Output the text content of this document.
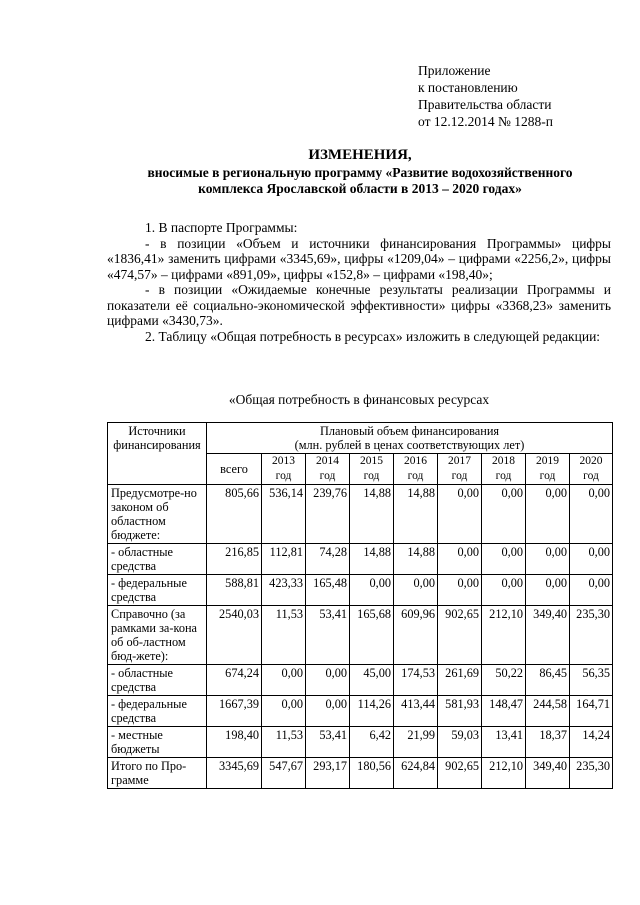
Приложение
к постановлению
Правительства области
от 12.12.2014 № 1288-п
ИЗМЕНЕНИЯ,
вносимые в региональную программу «Развитие водохозяйственного
комплекса Ярославской области в 2013 – 2020 годах»

1. В паспорте Программы:

- в позиции «Объем и источники финансирования Программы» цифры «1836,41» заменить цифрами «3345,69», цифры «1209,04» – цифрами «2256,2», цифры «474,57» – цифрами «891,09», цифры «152,8» – цифрами «198,40»;

- в позиции «Ожидаемые конечные результаты реализации Программы и показатели её социально-экономической эффективности» цифры «3368,23» заменить цифрами «3430,73».

2. Таблицу «Общая потребность в ресурсах» изложить в следующей редакции:

«Общая потребность в финансовых ресурсах
Источники финансирования	Плановый объем финансирования
(млн. рублей в ценах соответствующих лет)								

	всего	2013	2014	2015	2016	2017	2018	2019	2020
		год	год	год	год	год	год	год	год
Предусмотре-но законом об областном бюджете:	805,66	536,14	239,76	14,88	14,88	0,00	0,00	0,00	0,00
- областные средства	216,85	112,81	74,28	14,88	14,88	0,00	0,00	0,00	0,00
- федеральные средства	588,81	423,33	165,48	0,00	0,00	0,00	0,00	0,00	0,00
Справочно (за рамками за-кона об об-ластном бюд-жете):	2540,03	11,53	53,41	165,68	609,96	902,65	212,10	349,40	235,30
- областные средства	674,24	0,00	0,00	45,00	174,53	261,69	50,22	86,45	56,35
- федеральные средства	1667,39	0,00	0,00	114,26	413,44	581,93	148,47	244,58	164,71
- местные бюджеты	198,40	11,53	53,41	6,42	21,99	59,03	13,41	18,37	14,24
Итого по Про-грамме	3345,69	547,67	293,17	180,56	624,84	902,65	212,10	349,40	235,30
